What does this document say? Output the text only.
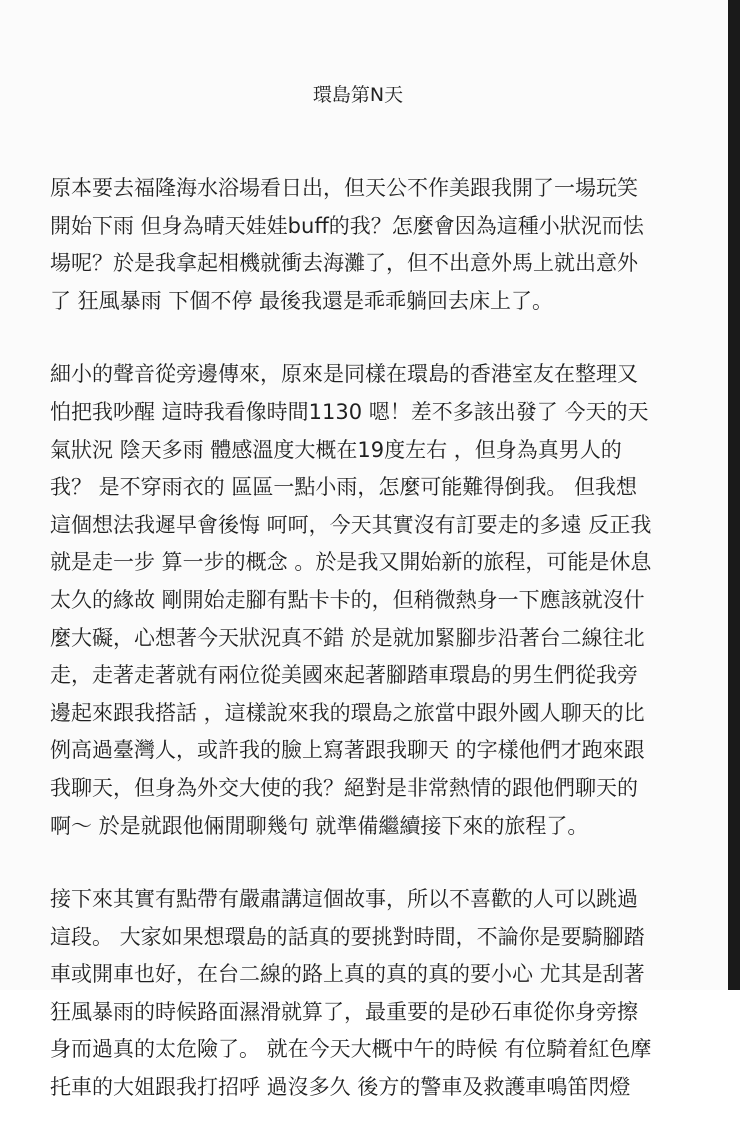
環島第N天
原本要去福隆海水浴場看日出，但天公不作美跟我開了一場玩笑
開始下雨 但身為晴天娃娃buff的我？怎麼會因為這種小狀況而怯
場呢？於是我拿起相機就衝去海灘了，但不出意外馬上就出意外
了 狂風暴雨 下個不停 最後我還是乖乖躺回去床上了。
細小的聲音從旁邊傳來，原來是同樣在環島的香港室友在整理又
怕把我吵醒 這時我看像時間1130 嗯！差不多該出發了 今天的天
氣狀況 陰天多雨 體感溫度大概在19度左右 ，但身為真男人的
我？ 是不穿雨衣的 區區一點小雨，怎麼可能難得倒我。 但我想
這個想法我遲早會後悔 呵呵，今天其實沒有訂要走的多遠 反正我
就是走一步 算一步的概念 。於是我又開始新的旅程，可能是休息
太久的緣故 剛開始走腳有點卡卡的，但稍微熱身一下應該就沒什
麼大礙，心想著今天狀況真不錯 於是就加緊腳步沿著台二線往北
走，走著走著就有兩位從美國來起著腳踏車環島的男生們從我旁
邊起來跟我搭話 ，這樣說來我的環島之旅當中跟外國人聊天的比
例高過臺灣人，或許我的臉上寫著跟我聊天 的字樣他們才跑來跟
我聊天，但身為外交大使的我？絕對是非常熱情的跟他們聊天的
啊～ 於是就跟他倆閒聊幾句 就準備繼續接下來的旅程了。
接下來其實有點帶有嚴肅講這個故事，所以不喜歡的人可以跳過
這段。 大家如果想環島的話真的要挑對時間，不論你是要騎腳踏
車或開車也好，在台二線的路上真的真的真的要小心 尤其是刮著
狂風暴雨的時候路面濕滑就算了，最重要的是砂石車從你身旁擦
身而過真的太危險了。 就在今天大概中午的時候 有位騎着紅色摩
托車的大姐跟我打招呼 過沒多久 後方的警車及救護車鳴笛閃燈
